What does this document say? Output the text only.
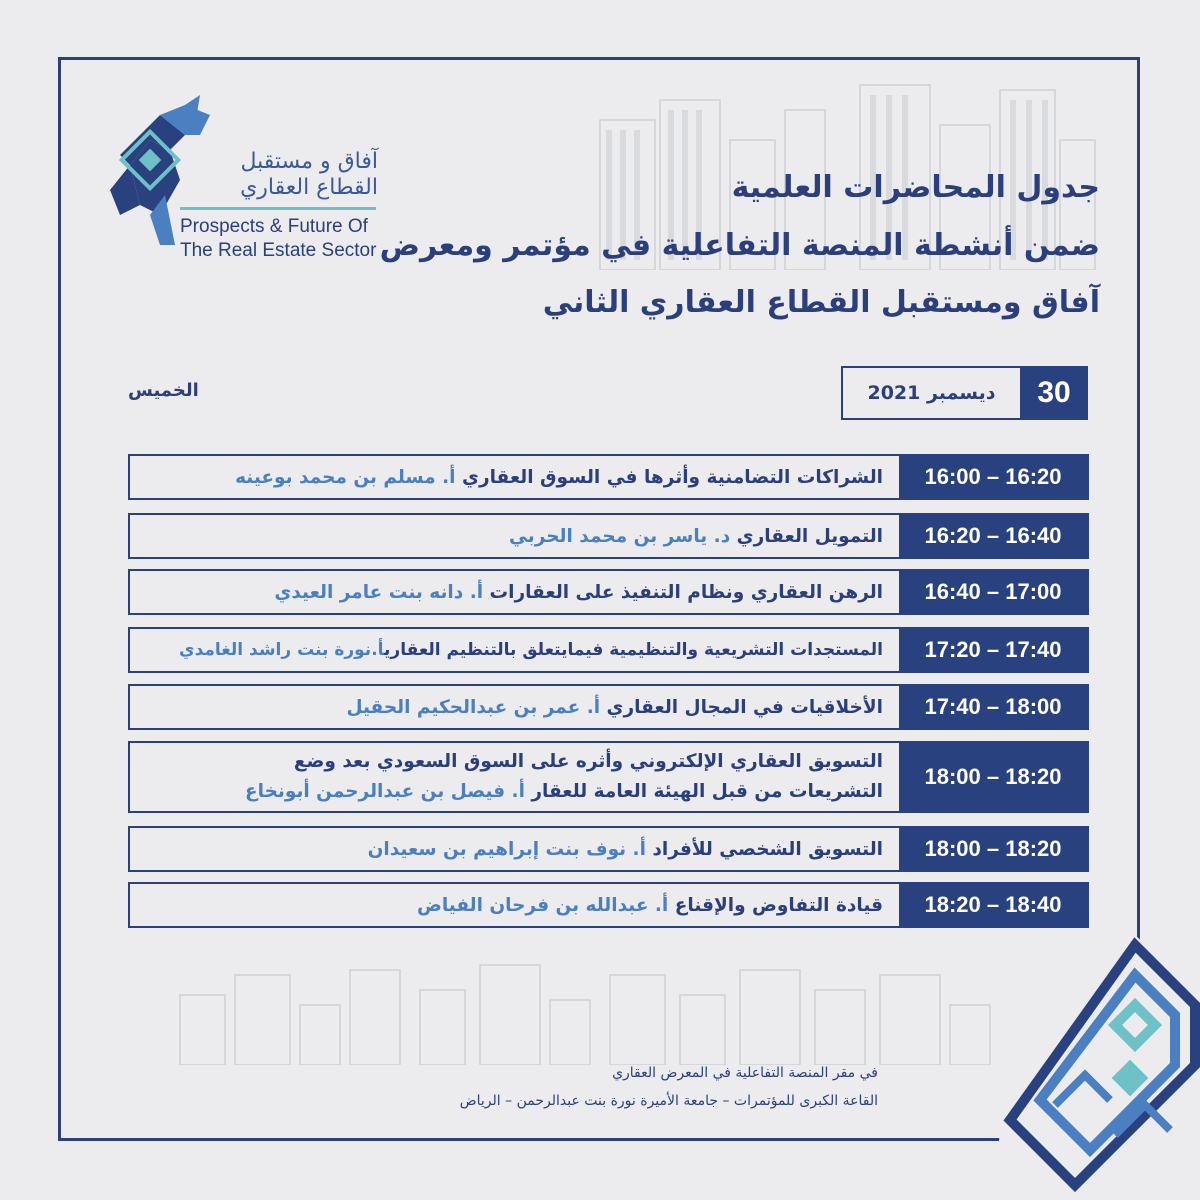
آفاق و مستقبل
القطاع العقاري
Prospects & Future Of
The Real Estate Sector
جدول المحاضرات العلمية
ضمن أنشطة المنصة التفاعلية في مؤتمر ومعرض
آفاق ومستقبل القطاع العقاري الثاني
30
ديسمبر 2021
الخميس
16:00 – 16:20
الشراكات التضامنية وأثرها في السوق العقاري أ. مسلم بن محمد بوعينه
16:20 – 16:40
التمويل العقاري د. ياسر بن محمد الحربي
16:40 – 17:00
الرهن العقاري ونظام التنفيذ على العقارات أ. دانه بنت عامر العيدي
17:20 – 17:40
المستجدات التشريعية والتنظيمية فيمايتعلق بالتنظيم العقاريأ.نورة بنت راشد الغامدي
17:40 – 18:00
الأخلاقيات في المجال العقاري أ. عمر بن عبدالحكيم الحقيل
18:00 – 18:20
التسويق العقاري الإلكتروني وأثره على السوق السعودي بعد وضع
التشريعات من قبل الهيئة العامة للعقار أ. فيصل بن عبدالرحمن أبونخاع
18:00 – 18:20
التسويق الشخصي للأفراد أ. نوف بنت إبراهيم بن سعيدان
18:20 – 18:40
قيادة التفاوض والإقناع أ. عبدالله بن فرحان الفياض
في مقر المنصة التفاعلية في المعرض العقاري
القاعة الكبرى للمؤتمرات – جامعة الأميرة نورة بنت عبدالرحمن – الرياض
